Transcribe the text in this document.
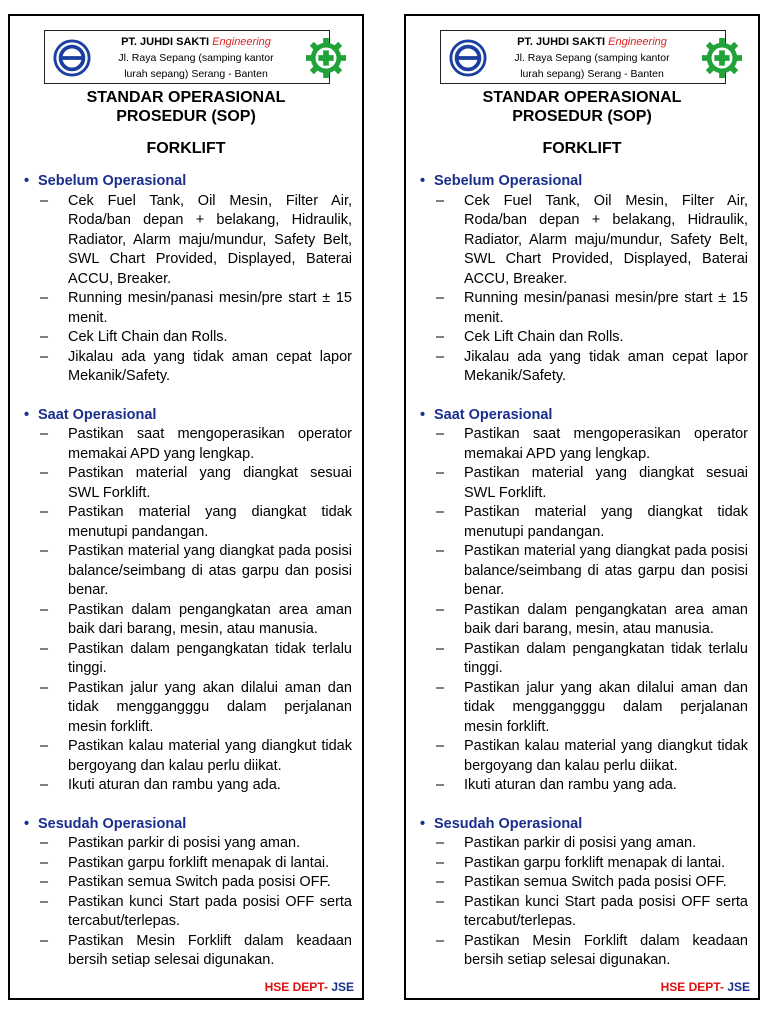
PT. JUHDI SAKTI Engineering
Jl. Raya Sepang (samping kantor
lurah sepang) Serang - Banten
STANDAR OPERASIONAL
PROSEDUR (SOP)
FORKLIFT
• Sebelum Operasional
– Cek Fuel Tank, Oil Mesin, Filter Air, Roda/ban depan + belakang, Hidraulik, Radiator, Alarm maju/mundur, Safety Belt, SWL Chart Provided, Displayed, Baterai ACCU, Breaker.
– Running mesin/panasi mesin/pre start ± 15 menit.
– Cek Lift Chain dan Rolls.
– Jikalau ada yang tidak aman cepat lapor Mekanik/Safety.
• Saat Operasional
– Pastikan saat mengoperasikan operator memakai APD yang lengkap.
– Pastikan material yang diangkat sesuai SWL Forklift.
– Pastikan material yang diangkat tidak menutupi pandangan.
– Pastikan material yang diangkat pada posisi balance/seimbang di atas garpu dan posisi benar.
– Pastikan dalam pengangkatan area aman baik dari barang, mesin, atau manusia.
– Pastikan dalam pengangkatan tidak terlalu tinggi.
– Pastikan jalur yang akan dilalui aman dan tidak menggangggu dalam perjalanan mesin forklift.
– Pastikan kalau material yang diangkut tidak bergoyang dan kalau perlu diikat.
– Ikuti aturan dan rambu yang ada.
• Sesudah Operasional
– Pastikan parkir di posisi yang aman.
– Pastikan garpu forklift menapak di lantai.
– Pastikan semua Switch pada posisi OFF.
– Pastikan kunci Start pada posisi OFF serta tercabut/terlepas.
– Pastikan Mesin Forklift dalam keadaan bersih setiap selesai digunakan.
HSE DEPT- JSE
PT. JUHDI SAKTI Engineering
Jl. Raya Sepang (samping kantor
lurah sepang) Serang - Banten
STANDAR OPERASIONAL
PROSEDUR (SOP)
FORKLIFT
• Sebelum Operasional
– Cek Fuel Tank, Oil Mesin, Filter Air, Roda/ban depan + belakang, Hidraulik, Radiator, Alarm maju/mundur, Safety Belt, SWL Chart Provided, Displayed, Baterai ACCU, Breaker.
– Running mesin/panasi mesin/pre start ± 15 menit.
– Cek Lift Chain dan Rolls.
– Jikalau ada yang tidak aman cepat lapor Mekanik/Safety.
• Saat Operasional
– Pastikan saat mengoperasikan operator memakai APD yang lengkap.
– Pastikan material yang diangkat sesuai SWL Forklift.
– Pastikan material yang diangkat tidak menutupi pandangan.
– Pastikan material yang diangkat pada posisi balance/seimbang di atas garpu dan posisi benar.
– Pastikan dalam pengangkatan area aman baik dari barang, mesin, atau manusia.
– Pastikan dalam pengangkatan tidak terlalu tinggi.
– Pastikan jalur yang akan dilalui aman dan tidak menggangggu dalam perjalanan mesin forklift.
– Pastikan kalau material yang diangkut tidak bergoyang dan kalau perlu diikat.
– Ikuti aturan dan rambu yang ada.
• Sesudah Operasional
– Pastikan parkir di posisi yang aman.
– Pastikan garpu forklift menapak di lantai.
– Pastikan semua Switch pada posisi OFF.
– Pastikan kunci Start pada posisi OFF serta tercabut/terlepas.
– Pastikan Mesin Forklift dalam keadaan bersih setiap selesai digunakan.
HSE DEPT- JSE
